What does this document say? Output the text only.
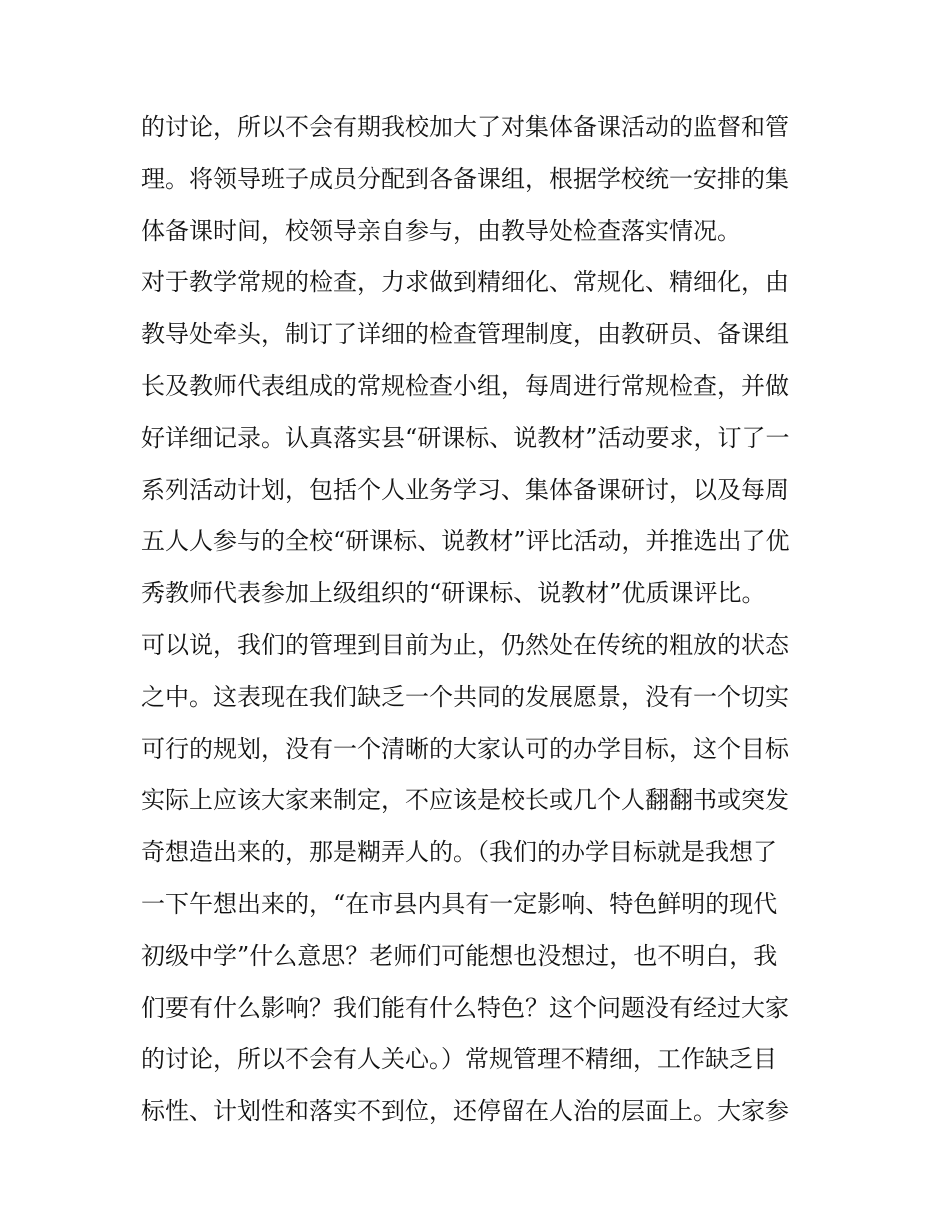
的讨论，所以不会有期我校加大了对集体备课活动的监督和管
理。将领导班子成员分配到各备课组，根据学校统一安排的集
体备课时间，校领导亲自参与，由教导处检查落实情况。
对于教学常规的检查，力求做到精细化、常规化、精细化，由
教导处牵头，制订了详细的检查管理制度，由教研员、备课组
长及教师代表组成的常规检查小组，每周进行常规检查，并做
好详细记录。认真落实县“研课标、说教材”活动要求，订了一
系列活动计划，包括个人业务学习、集体备课研讨，以及每周
五人人参与的全校“研课标、说教材”评比活动，并推选出了优
秀教师代表参加上级组织的“研课标、说教材”优质课评比。
可以说，我们的管理到目前为止，仍然处在传统的粗放的状态
之中。这表现在我们缺乏一个共同的发展愿景，没有一个切实
可行的规划，没有一个清晰的大家认可的办学目标，这个目标
实际上应该大家来制定，不应该是校长或几个人翻翻书或突发
奇想造出来的，那是糊弄人的。（我们的办学目标就是我想了
一下午想出来的，“在市县内具有一定影响、特色鲜明的现代
初级中学”什么意思？老师们可能想也没想过，也不明白，我
们要有什么影响？我们能有什么特色？这个问题没有经过大家
的讨论，所以不会有人关心。）常规管理不精细，工作缺乏目
标性、计划性和落实不到位，还停留在人治的层面上。大家参
